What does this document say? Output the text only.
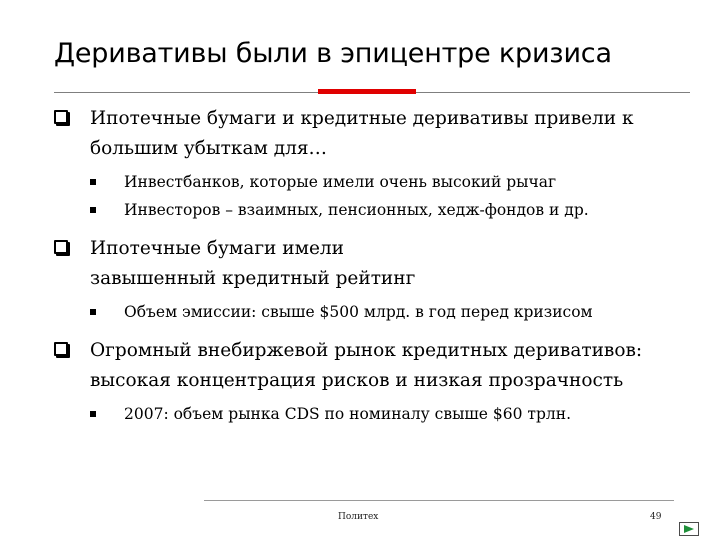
Деривативы были в эпицентре кризиса
Ипотечные бумаги и кредитные деривативы привели к
большим убыткам для…
Инвестбанков, которые имели очень высокий рычаг
Инвесторов – взаимных, пенсионных, хедж-фондов и др.
Ипотечные бумаги имели
завышенный кредитный рейтинг
Объем эмиссии: свыше $500 млрд. в год перед кризисом
Огромный внебиржевой рынок кредитных деривативов:
высокая концентрация рисков и низкая прозрачность
2007: объем рынка CDS по номиналу свыше $60 трлн.
Политех	49
